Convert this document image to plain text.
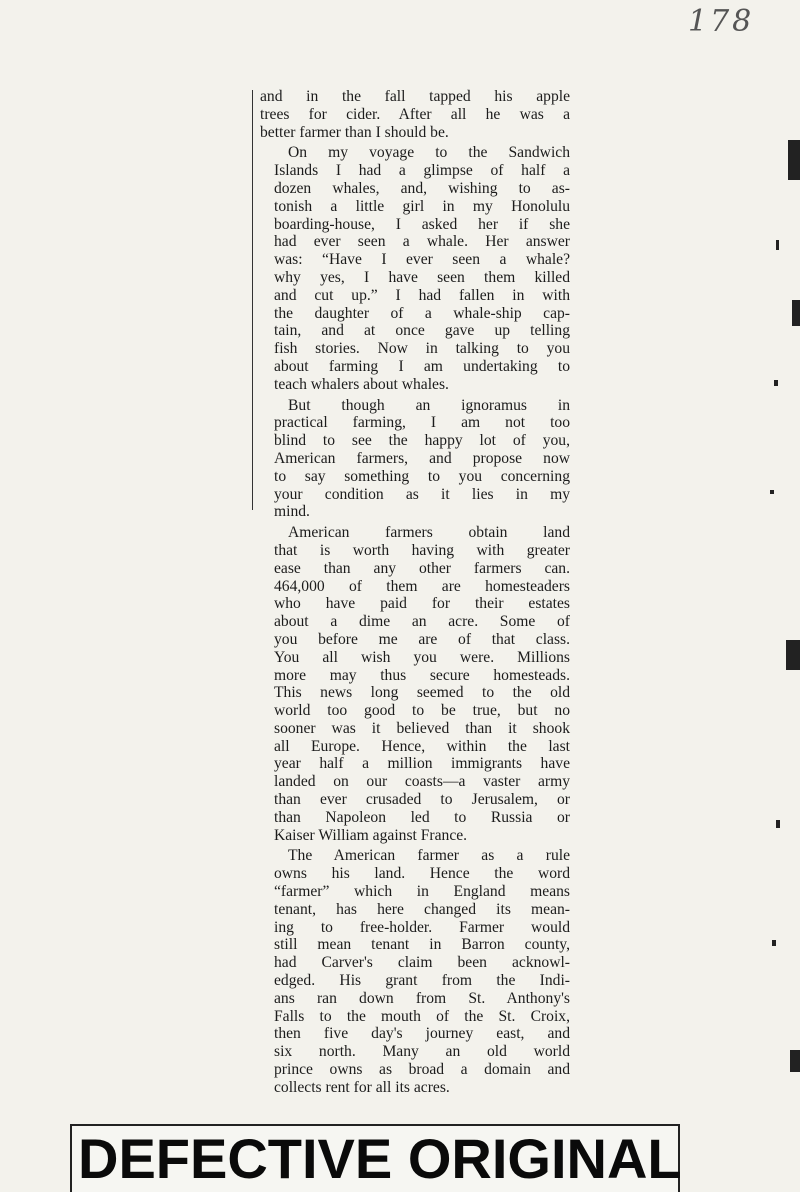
178

and in the fall tapped his apple
trees for cider. After all he was a
better farmer than I should be.

On my voyage to the Sandwich
Islands I had a glimpse of half a
dozen whales, and, wishing to as-
tonish a little girl in my Honolulu
boarding-house, I asked her if she
had ever seen a whale. Her answer
was: “Have I ever seen a whale?
why yes, I have seen them killed
and cut up.” I had fallen in with
the daughter of a whale-ship cap-
tain, and at once gave up telling
fish stories. Now in talking to you
about farming I am undertaking to
teach whalers about whales.

But though an ignoramus in
practical farming, I am not too
blind to see the happy lot of you,
American farmers, and propose now
to say something to you concerning
your condition as it lies in my
mind.

American farmers obtain land
that is worth having with greater
ease than any other farmers can.
464,000 of them are homesteaders
who have paid for their estates
about a dime an acre. Some of
you before me are of that class.
You all wish you were. Millions
more may thus secure homesteads.
This news long seemed to the old
world too good to be true, but no
sooner was it believed than it shook
all Europe. Hence, within the last
year half a million immigrants have
landed on our coasts—a vaster army
than ever crusaded to Jerusalem, or
than Napoleon led to Russia or
Kaiser William against France.

The American farmer as a rule
owns his land. Hence the word
“farmer” which in England means
tenant, has here changed its mean-
ing to free-holder. Farmer would
still mean tenant in Barron county,
had Carver's claim been acknowl-
edged. His grant from the Indi-
ans ran down from St. Anthony's
Falls to the mouth of the St. Croix,
then five day's journey east, and
six north. Many an old world
prince owns as broad a domain and
collects rent for all its acres.

DEFECTIVE ORIGINAL
